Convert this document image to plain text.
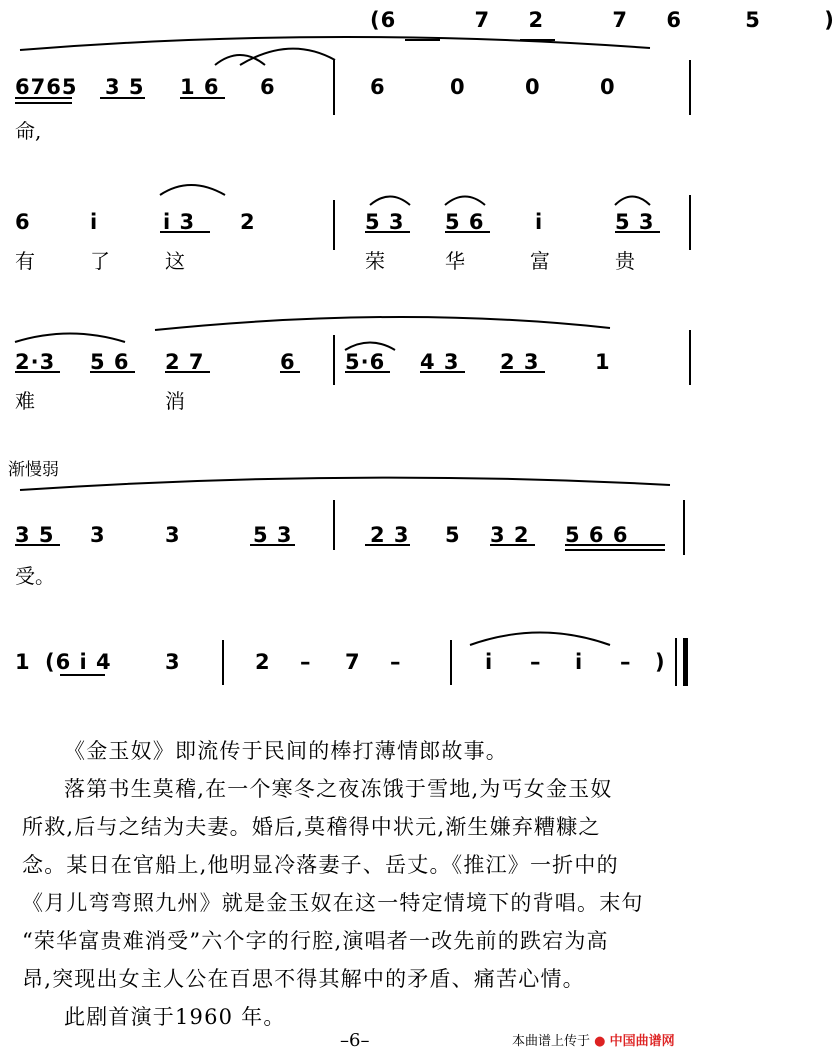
(6	7 2	7 6	5	)
6765 3 5 1 6 6	6	0	0	0
命,
6	i	i 3 2	5 3 5 6 i	5 3
有	了	这	荣	华	富	贵
2·3 5 6 2 7	6 5·6 4 3 2 3	1
难	消
渐慢弱
3 5 3	3	5 3	2 3 5 3 2 5 6 6
受。
1 (6 i 4	3	2 – 7 –	i – i – )

《金玉奴》即流传于民间的棒打薄情郎故事。

落第书生莫稽,在一个寒冬之夜冻饿于雪地,为丐女金玉奴

所救,后与之结为夫妻。婚后,莫稽得中状元,渐生嫌弃糟糠之

念。某日在官船上,他明显冷落妻子、岳丈。《推江》一折中的

《月儿弯弯照九州》就是金玉奴在这一特定情境下的背唱。末句

“荣华富贵难消受”六个字的行腔,演唱者一改先前的跌宕为高

昂,突现出女主人公在百思不得其解中的矛盾、痛苦心情。

此剧首演于1960 年。

–6–	本曲谱上传于 ● 中国曲谱网
